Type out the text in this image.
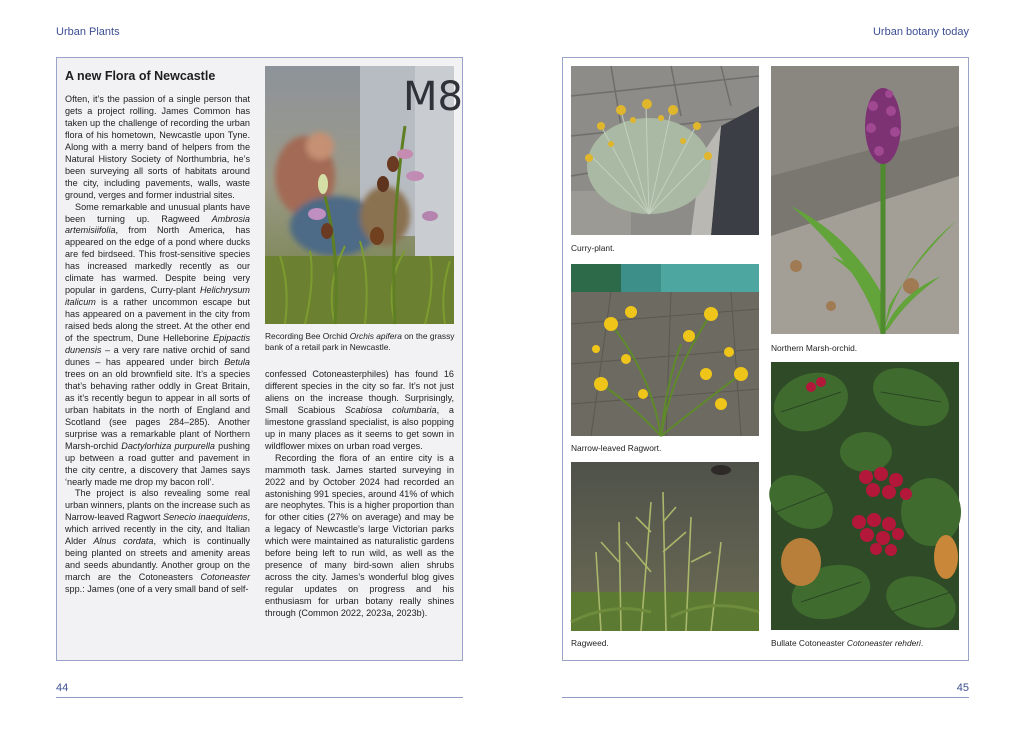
Urban Plants	Urban botany today
A new Flora of Newcastle

Often, it’s the passion of a single person that gets a project rolling. James Common has taken up the challenge of recording the urban flora of his hometown, Newcastle upon Tyne. Along with a merry band of helpers from the Natural History Society of Northumbria, he’s been surveying all sorts of habitats around the city, including pavements, walls, waste ground, verges and former industrial sites.

Some remarkable and unusual plants have been turning up. Ragweed Ambrosia artemisiifolia, from North America, has appeared on the edge of a pond where ducks are fed birdseed. This frost-sensitive species has increased markedly recently as our climate has warmed. Despite being very popular in gardens, Curry-plant Helichrysum italicum is a rather uncommon escape but has appeared on a pavement in the city from raised beds along the street. At the other end of the spectrum, Dune Helleborine Epipactis dunensis – a very rare native orchid of sand dunes – has appeared under birch Betula trees on an old brownfield site. It’s a species that’s behaving rather oddly in Great Britain, as it’s recently begun to appear in all sorts of urban habitats in the north of England and Scotland (see pages 284–285). Another surprise was a remarkable plant of Northern Marsh-orchid Dactylorhiza purpurella pushing up between a road gutter and pavement in the city centre, a discovery that James says ‘nearly made me drop my bacon roll’.

The project is also revealing some real urban winners, plants on the increase such as Narrow-leaved Ragwort Senecio inaequidens, which arrived recently in the city, and Italian Alder Alnus cordata, which is continually being planted on streets and amenity areas and seeds abundantly. Another group on the march are the Cotoneasters Cotoneaster spp.: James (one of a very small band of self-

confessed Cotoneasterphiles) has found 16 different species in the city so far. It’s not just aliens on the increase though. Surprisingly, Small Scabious Scabiosa columbaria, a limestone grassland specialist, is also popping up in many places as it seems to get sown in wildflower mixes on urban road verges.

Recording the flora of an entire city is a mammoth task. James started surveying in 2022 and by October 2024 had recorded an astonishing 991 species, around 41% of which are neophytes. This is a higher proportion than for other cities (27% on average) and may be a legacy of Newcastle’s large Victorian parks which were maintained as naturalistic gardens before being left to run wild, as well as the presence of many bird-sown alien shrubs across the city. James’s wonderful blog gives regular updates on progress and his enthusiasm for urban botany really shines through (Common 2022, 2023a, 2023b).

M8
Recording Bee Orchid Orchis apifera on the grassy bank of a retail park in Newcastle.
44
Curry-plant.
Narrow-leaved Ragwort.
Ragweed.
Northern Marsh-orchid.
Bullate Cotoneaster Cotoneaster rehderi.
45
